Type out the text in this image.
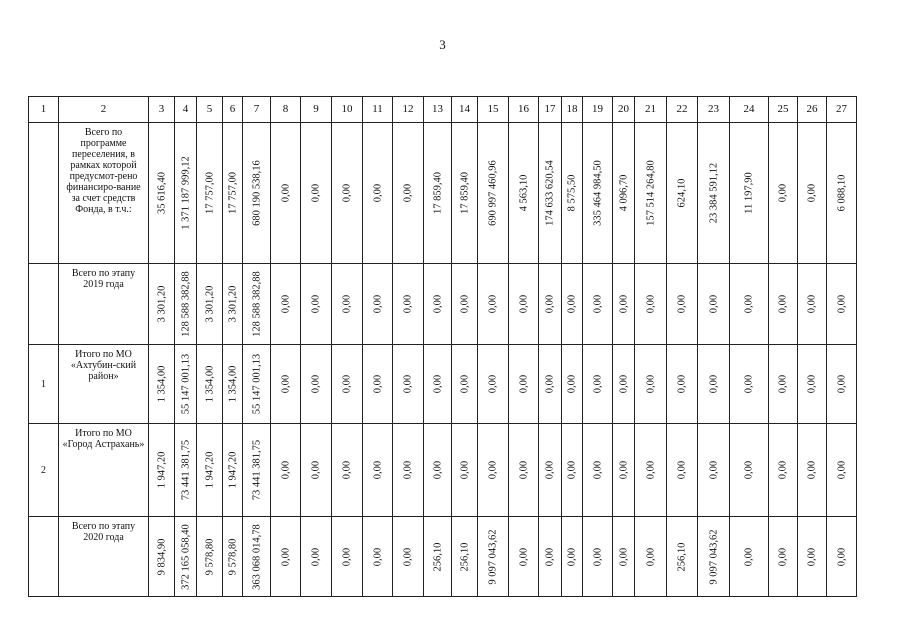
3
1	2	3	4	5	6	7	8	9	10	11	12	13	14	15	16	17	18	19	20	21	22	23	24	25	26	27

	Всего по программе переселения, в рамках которой предусмот-рено финансиро-вание за счет средств Фонда, в т.ч.:	35 616,40	1 371 187 999,12	17 757,00	17 757,00	680 190 538,16	0,00	0,00	0,00	0,00	0,00	17 859,40	17 859,40	690 997 460,96	4 563,10	174 633 620,54	8 575,50	335 464 984,50	4 096,70	157 514 264,80	624,10	23 384 591,12	11 197,90	0,00	0,00	6 088,10

	Всего по этапу 2019 года	3 301,20	128 588 382,88	3 301,20	3 301,20	128 588 382,88	0,00	0,00	0,00	0,00	0,00	0,00	0,00	0,00	0,00	0,00	0,00	0,00	0,00	0,00	0,00	0,00	0,00	0,00	0,00	0,00

1	Итого по МО «Ахтубин-ский район»	1 354,00	55 147 001,13	1 354,00	1 354,00	55 147 001,13	0,00	0,00	0,00	0,00	0,00	0,00	0,00	0,00	0,00	0,00	0,00	0,00	0,00	0,00	0,00	0,00	0,00	0,00	0,00	0,00

2	Итого по МО «Город Астрахань»	1 947,20	73 441 381,75	1 947,20	1 947,20	73 441 381,75	0,00	0,00	0,00	0,00	0,00	0,00	0,00	0,00	0,00	0,00	0,00	0,00	0,00	0,00	0,00	0,00	0,00	0,00	0,00	0,00

	Всего по этапу 2020 года	9 834,90	372 165 058,40	9 578,80	9 578,80	363 068 014,78	0,00	0,00	0,00	0,00	0,00	256,10	256,10	9 097 043,62	0,00	0,00	0,00	0,00	0,00	0,00	256,10	9 097 043,62	0,00	0,00	0,00	0,00
